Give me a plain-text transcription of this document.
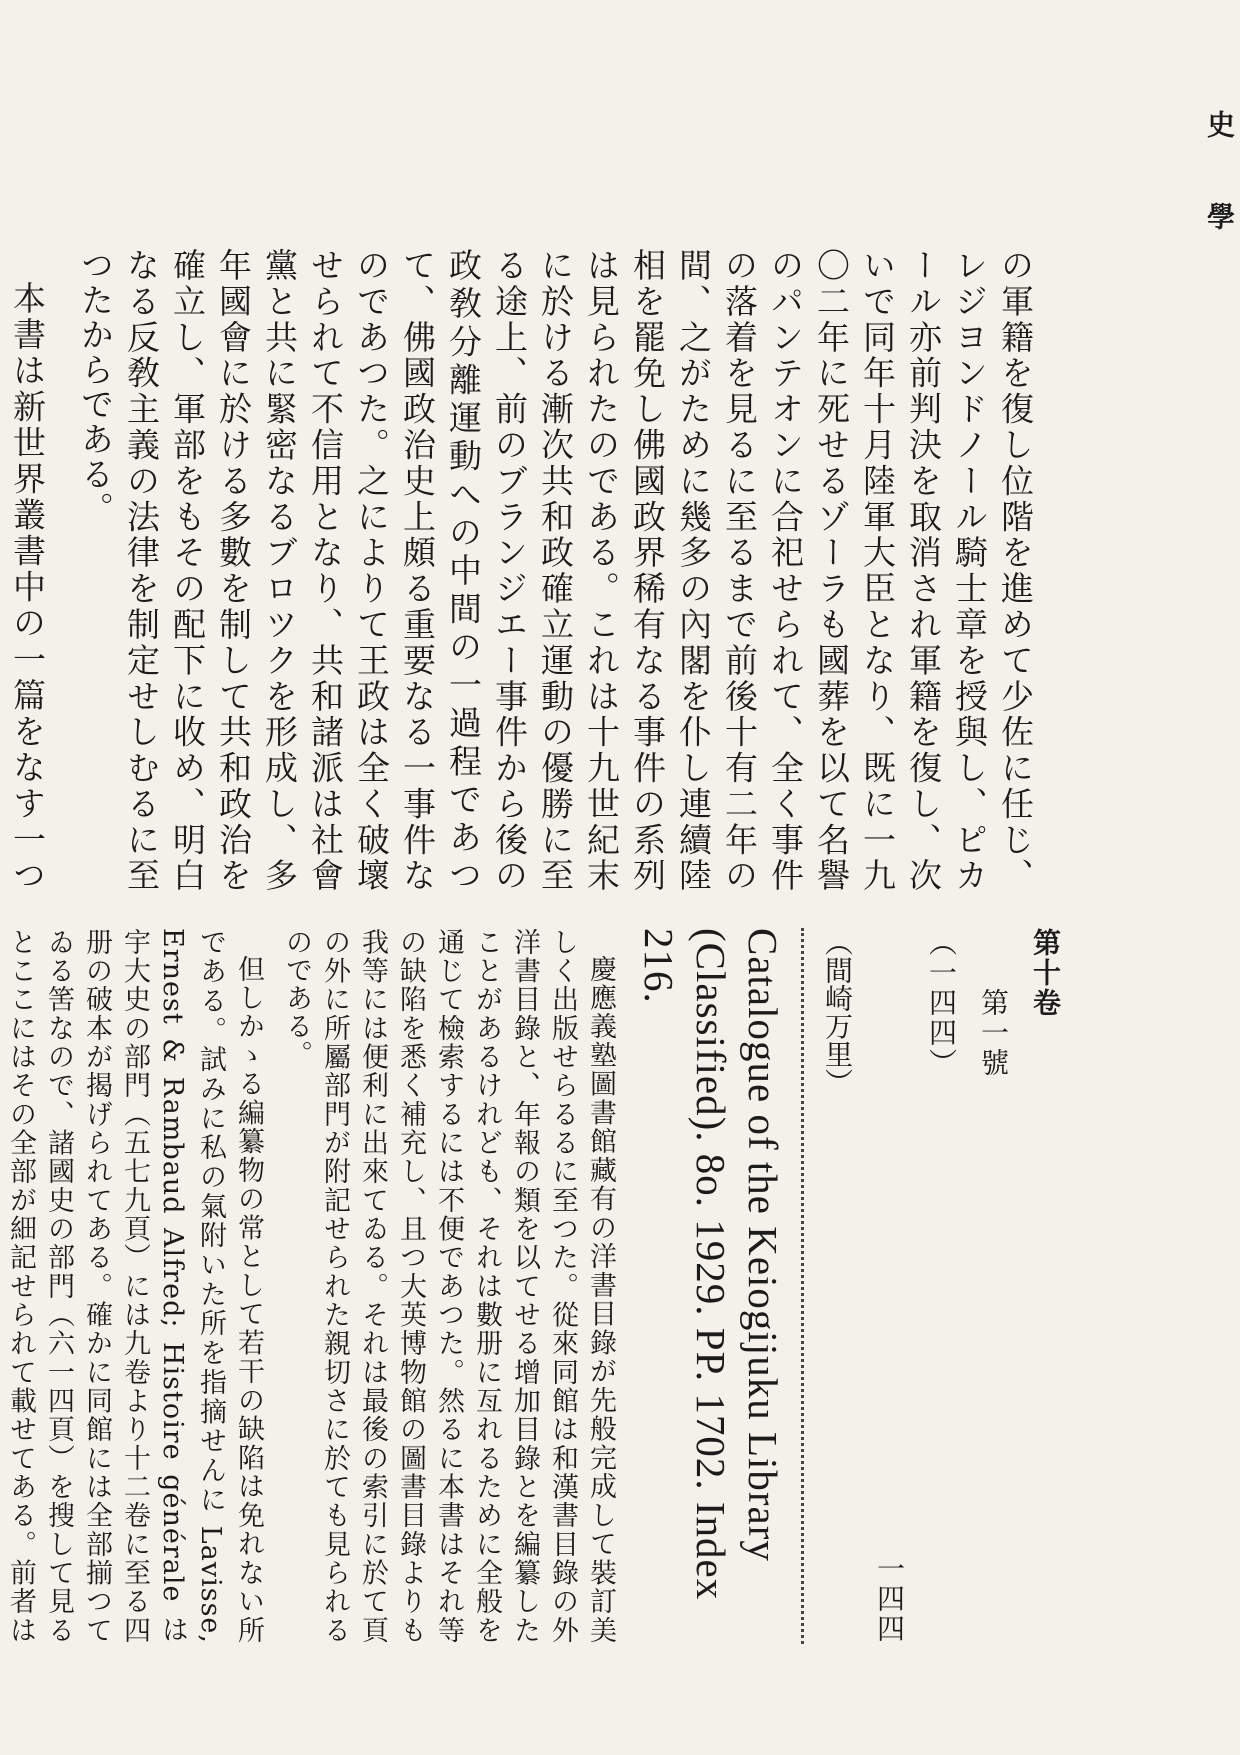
史　學

の軍籍を復し位階を進めて少佐に任じ、レジヨンドノール騎士章を授與し、ピカール亦前判決を取消され軍籍を復し、次いで同年十月陸軍大臣となり、既に一九〇二年に死せるゾーラも國葬を以て名譽のパンテオンに合祀せられて、全く事件の落着を見るに至るまで前後十有二年の間、之がために幾多の內閣を仆し連續陸相を罷免し佛國政界稀有なる事件の系列は見られたのである。これは十九世紀末に於ける漸次共和政確立運動の優勝に至る途上、前のブランジエー事件から後の政敎分離運動への中間の一過程であつて、佛國政治史上頗る重要なる一事件なのであつた。之によりて王政は全く破壞せられて不信用となり、共和諸派は社會黨と共に緊密なるブロツクを形成し、多年國會に於ける多數を制して共和政治を確立し、軍部をもその配下に收め、明白なる反敎主義の法律を制定せしむるに至つたからである。

本書は新世界叢書中の一篇をなす一つ

第十卷
第一號
（一四四）
一四四
（間崎万里）
Catalogue of the Keiogijuku Library (Classified). 8o. 1929. PP. 1702. Index 216.

慶應義塾圖書館藏有の洋書目錄が先般完成して裝訂美しく出版せらるるに至つた。從來同館は和漢書目錄の外洋書目錄と、年報の類を以てせる增加目錄とを編纂したことがあるけれども、それは數册に亙れるために全般を通じて檢索するには不便であつた。然るに本書はそれ等の缺陷を悉く補充し、且つ大英博物館の圖書目錄よりも我等には便利に出來てゐる。それは最後の索引に於て頁の外に所屬部門が附記せられた親切さに於ても見られるのである。

但しかゝる編纂物の常として若干の缺陷は免れない所である。試みに私の氣附いた所を指摘せんに Lavisse, Ernest & Rambaud Alfred; Histoire générale は宇大史の部門（五七九頁）には九卷より十二卷に至る四册の破本が揭げられてある。確かに同館には全部揃つてゐる筈なので、諸國史の部門（六一四頁）を搜して見るとここにはその全部が細記せられて載せてある。前者は
